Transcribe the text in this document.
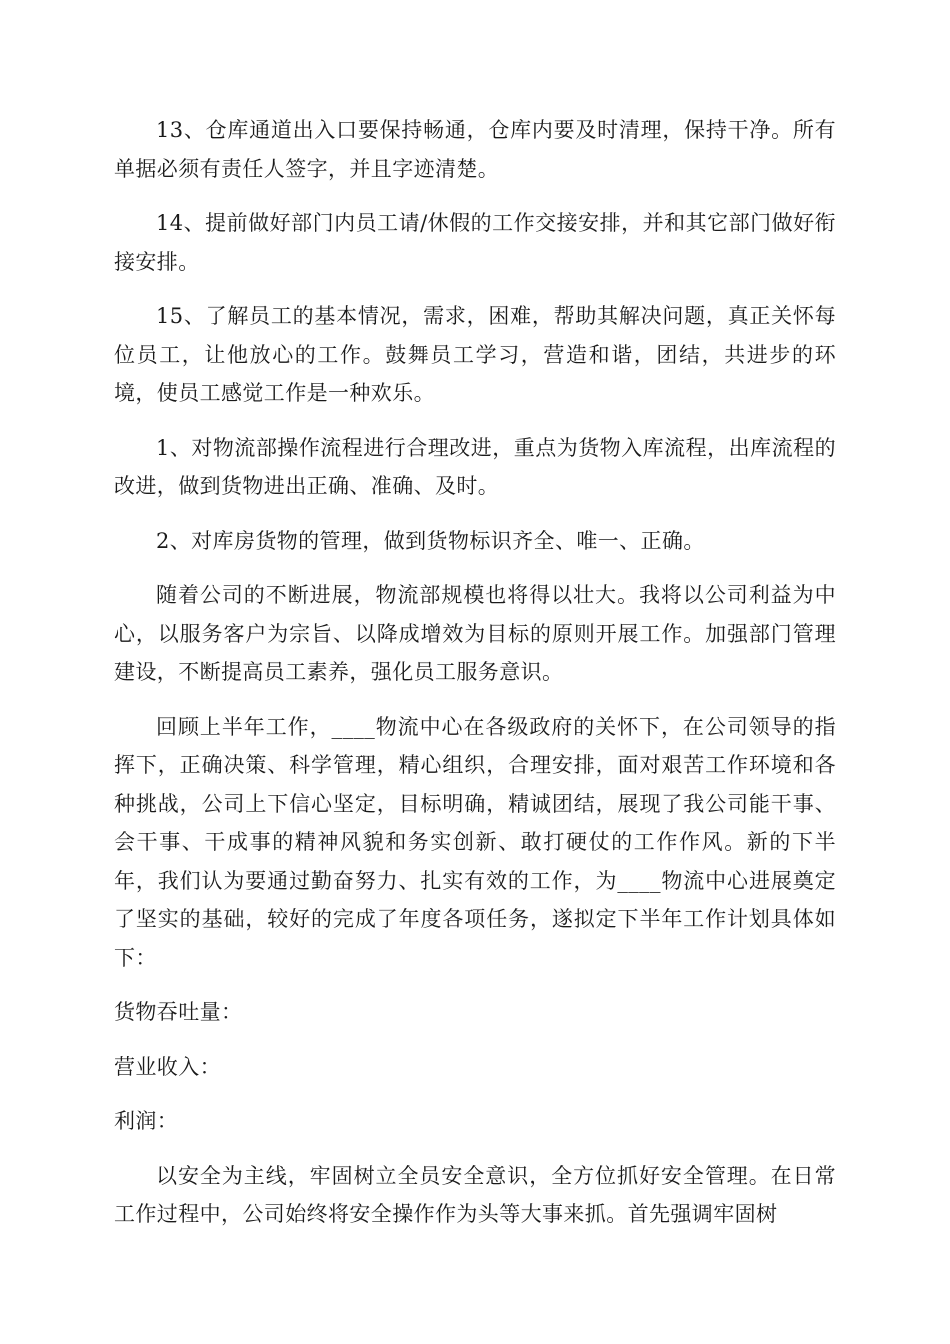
13、仓库通道出入口要保持畅通，仓库内要及时清理，保持干净。所有单据必须有责任人签字，并且字迹清楚。

14、提前做好部门内员工请/休假的工作交接安排，并和其它部门做好衔接安排。

15、了解员工的基本情况，需求，困难，帮助其解决问题，真正关怀每位员工，让他放心的工作。鼓舞员工学习，营造和谐，团结，共进步的环境，使员工感觉工作是一种欢乐。

1、对物流部操作流程进行合理改进，重点为货物入库流程，出库流程的改进，做到货物进出正确、准确、及时。

2、对库房货物的管理，做到货物标识齐全、唯一、正确。

随着公司的不断进展，物流部规模也将得以壮大。我将以公司利益为中心，以服务客户为宗旨、以降成增效为目标的原则开展工作。加强部门管理建设，不断提高员工素养，强化员工服务意识。

回顾上半年工作，____物流中心在各级政府的关怀下，在公司领导的指挥下，正确决策、科学管理，精心组织，合理安排，面对艰苦工作环境和各种挑战，公司上下信心坚定，目标明确，精诚团结，展现了我公司能干事、会干事、干成事的精神风貌和务实创新、敢打硬仗的工作作风。新的下半年，我们认为要通过勤奋努力、扎实有效的工作，为____物流中心进展奠定了坚实的基础，较好的完成了年度各项任务，遂拟定下半年工作计划具体如下：

货物吞吐量：

营业收入：

利润：

以安全为主线，牢固树立全员安全意识，全方位抓好安全管理。在日常工作过程中，公司始终将安全操作作为头等大事来抓。首先强调牢固树
